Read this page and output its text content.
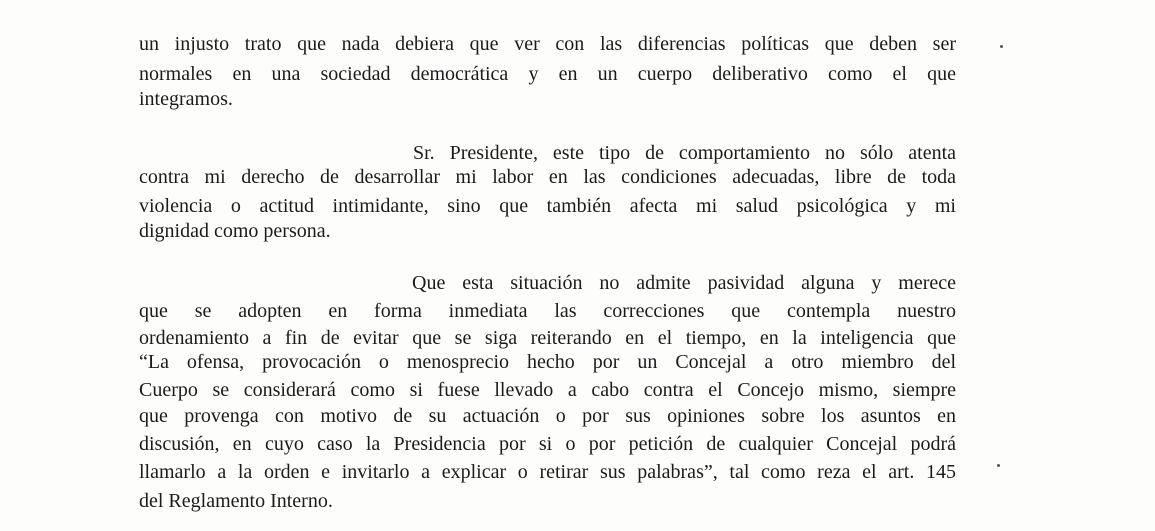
un injusto trato que nada debiera que ver con las diferencias políticas que deben ser
normales en una sociedad democrática y en un cuerpo deliberativo como el que
integramos.
Sr. Presidente, este tipo de comportamiento no sólo atenta
contra mi derecho de desarrollar mi labor en las condiciones adecuadas, libre de toda
violencia o actitud intimidante, sino que también afecta mi salud psicológica y mi
dignidad como persona.
Que esta situación no admite pasividad alguna y merece
que se adopten en forma inmediata las correcciones que contempla nuestro
ordenamiento a fin de evitar que se siga reiterando en el tiempo, en la inteligencia que
“La ofensa, provocación o menosprecio hecho por un Concejal a otro miembro del
Cuerpo se considerará como si fuese llevado a cabo contra el Concejo mismo, siempre
que provenga con motivo de su actuación o por sus opiniones sobre los asuntos en
discusión, en cuyo caso la Presidencia por si o por petición de cualquier Concejal podrá
llamarlo a la orden e invitarlo a explicar o retirar sus palabras”, tal como reza el art. 145
del Reglamento Interno.
